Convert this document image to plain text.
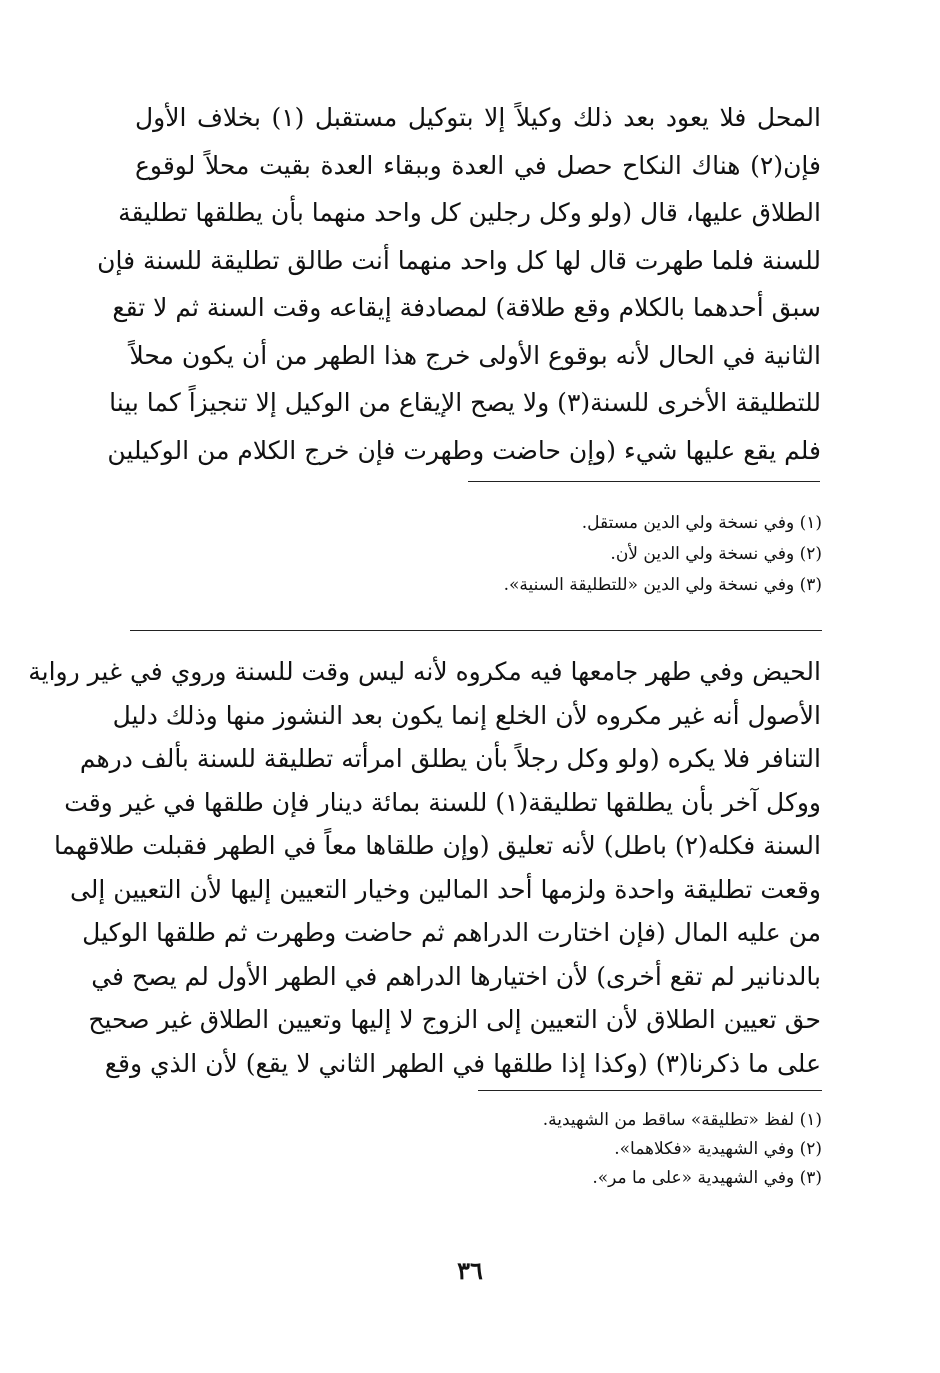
المحل فلا يعود بعد ذلك وكيلاً إلا بتوكيل مستقبل (١) بخلاف الأول
فإن(٢) هناك النكاح حصل في العدة وببقاء العدة بقيت محلاً لوقوع
الطلاق عليها، قال (ولو وكل رجلين كل واحد منهما بأن يطلقها تطليقة
للسنة فلما طهرت قال لها كل واحد منهما أنت طالق تطليقة للسنة فإن
سبق أحدهما بالكلام وقع طلاقة) لمصادفة إيقاعه وقت السنة ثم لا تقع
الثانية في الحال لأنه بوقوع الأولى خرج هذا الطهر من أن يكون محلاً
للتطليقة الأخرى للسنة(٣) ولا يصح الإيقاع من الوكيل إلا تنجيزاً كما بينا
فلم يقع عليها شيء (وإن حاضت وطهرت فإن خرج الكلام من الوكيلين
(١) وفي نسخة ولي الدين مستقل.
(٢) وفي نسخة ولي الدين لأن.
(٣) وفي نسخة ولي الدين «للتطليقة السنية».
الحيض وفي طهر جامعها فيه مكروه لأنه ليس وقت للسنة وروي في غير رواية
الأصول أنه غير مكروه لأن الخلع إنما يكون بعد النشوز منها وذلك دليل
التنافر فلا يكره (ولو وكل رجلاً بأن يطلق امرأته تطليقة للسنة بألف درهم
ووكل آخر بأن يطلقها تطليقة(١) للسنة بمائة دينار فإن طلقها في غير وقت
السنة فكله(٢) باطل) لأنه تعليق (وإن طلقاها معاً في الطهر فقبلت طلاقهما
وقعت تطليقة واحدة ولزمها أحد المالين وخيار التعيين إليها لأن التعيين إلى
من عليه المال (فإن اختارت الدراهم ثم حاضت وطهرت ثم طلقها الوكيل
بالدنانير لم تقع أخرى) لأن اختيارها الدراهم في الطهر الأول لم يصح في
حق تعيين الطلاق لأن التعيين إلى الزوج لا إليها وتعيين الطلاق غير صحيح
على ما ذكرنا(٣) (وكذا إذا طلقها في الطهر الثاني لا يقع) لأن الذي وقع
(١) لفظ «تطليقة» ساقط من الشهيدية.
(٢) وفي الشهيدية «فكلاهما».
(٣) وفي الشهيدية «على ما مر».
٣٦
